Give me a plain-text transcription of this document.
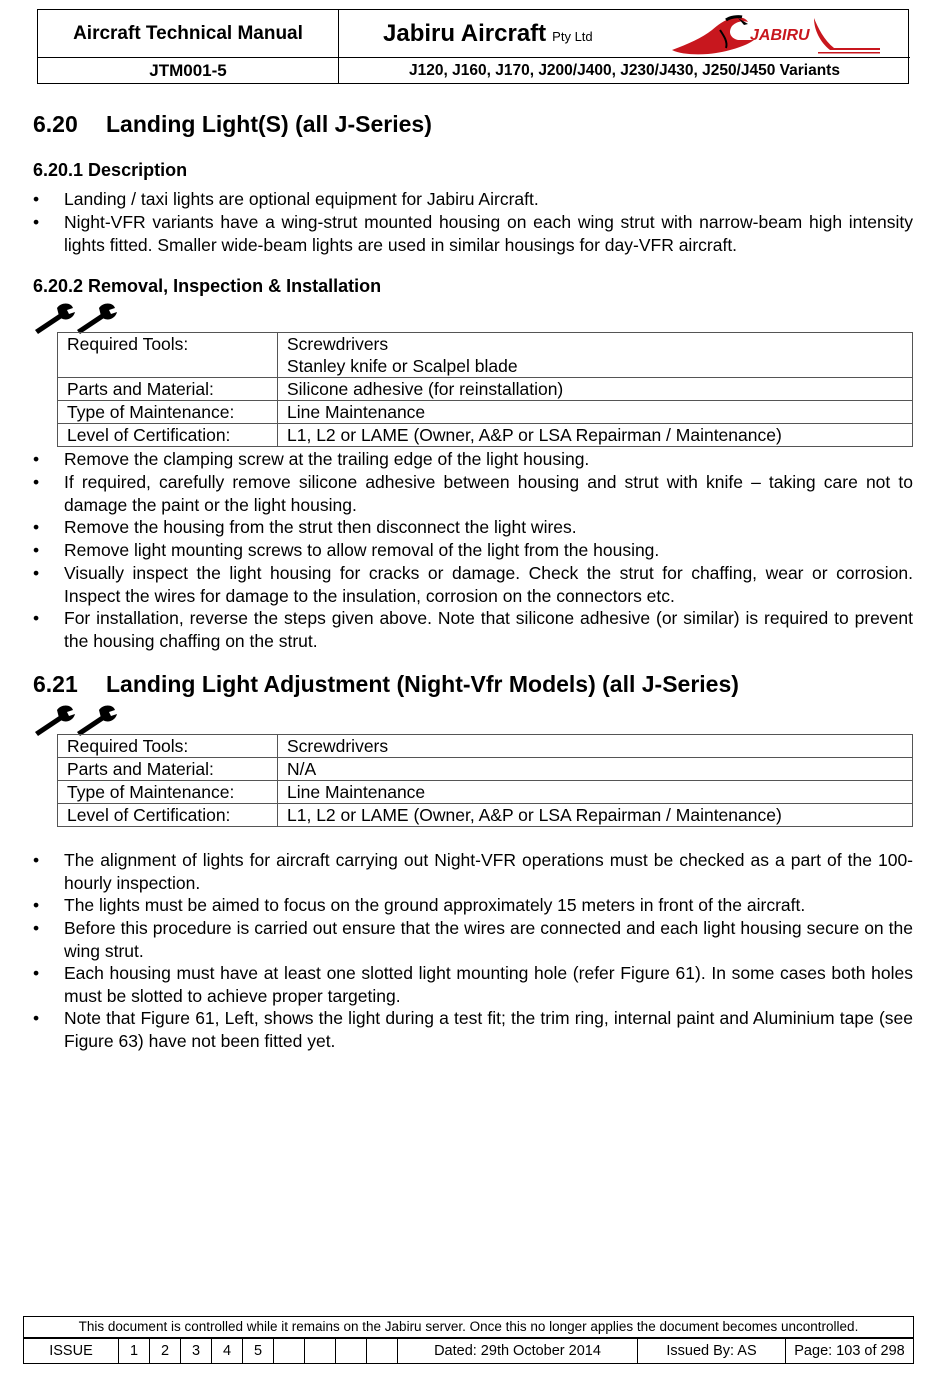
Aircraft Technical Manual	Jabiru Aircraft Pty Ltd	JABIRU
JTM001-5	J120, J160, J170, J200/J400, J230/J430, J250/J450 Variants
6.20 Landing Light(S) (all J-Series)
6.20.1 Description
• Landing / taxi lights are optional equipment for Jabiru Aircraft.
• Night-VFR variants have a wing-strut mounted housing on each wing strut with narrow-beam high intensity lights fitted. Smaller wide-beam lights are used in similar housings for day-VFR aircraft.
6.20.2 Removal, Inspection & Installation
Required Tools:	Screwdrivers
Stanley knife or Scalpel blade

Parts and Material:	Silicone adhesive (for reinstallation)
Type of Maintenance:	Line Maintenance
Level of Certification:	L1, L2 or LAME (Owner, A&P or LSA Repairman / Maintenance)
• Remove the clamping screw at the trailing edge of the light housing.
• If required, carefully remove silicone adhesive between housing and strut with knife – taking care not to damage the paint or the light housing.
• Remove the housing from the strut then disconnect the light wires.
• Remove light mounting screws to allow removal of the light from the housing.
• Visually inspect the light housing for cracks or damage. Check the strut for chaffing, wear or corrosion. Inspect the wires for damage to the insulation, corrosion on the connectors etc.
• For installation, reverse the steps given above. Note that silicone adhesive (or similar) is required to prevent the housing chaffing on the strut.
6.21 Landing Light Adjustment (Night-Vfr Models) (all J-Series)
Required Tools:	Screwdrivers
Parts and Material:	N/A
Type of Maintenance:	Line Maintenance
Level of Certification:	L1, L2 or LAME (Owner, A&P or LSA Repairman / Maintenance)
• The alignment of lights for aircraft carrying out Night-VFR operations must be checked as a part of the 100-hourly inspection.
• The lights must be aimed to focus on the ground approximately 15 meters in front of the aircraft.
• Before this procedure is carried out ensure that the wires are connected and each light housing secure on the wing strut.
• Each housing must have at least one slotted light mounting hole (refer Figure 61). In some cases both holes must be slotted to achieve proper targeting.
• Note that Figure 61, Left, shows the light during a test fit; the trim ring, internal paint and Aluminium tape (see Figure 63) have not been fitted yet.
This document is controlled while it remains on the Jabiru server. Once this no longer applies the document becomes uncontrolled.
ISSUE	1	2	3	4	5					Dated: 29th October 2014	Issued By: AS	Page: 103 of 298
